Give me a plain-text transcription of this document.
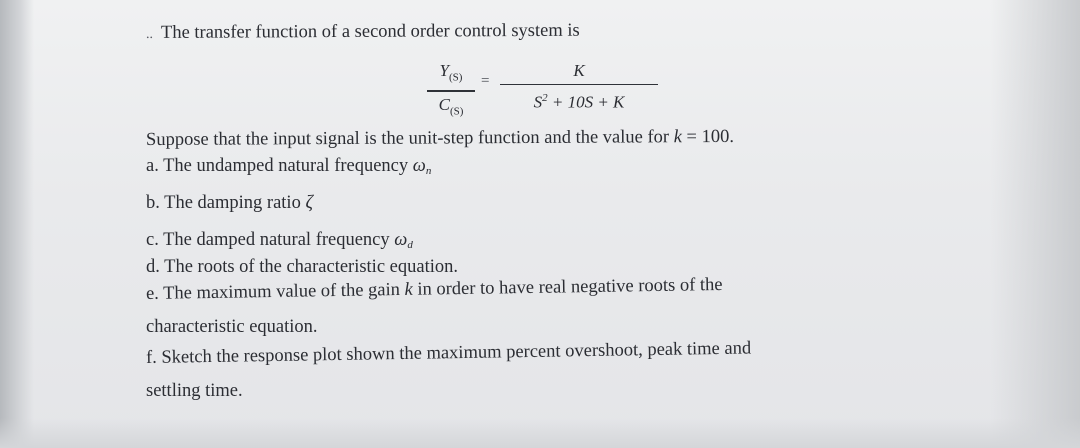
.. The transfer function of a second order control system is
$Y_{(S)}$
$C_{(S)}$
=
K
$S^2 + 10S + K$
Suppose that the input signal is the unit-step function and the value for k = 100.
a. The undamped natural frequency ωn
b. The damping ratio ζ
c. The damped natural frequency ωd
d. The roots of the characteristic equation.
e. The maximum value of the gain k in order to have real negative roots of the
characteristic equation.
f. Sketch the response plot shown the maximum percent overshoot, peak time and
settling time.
